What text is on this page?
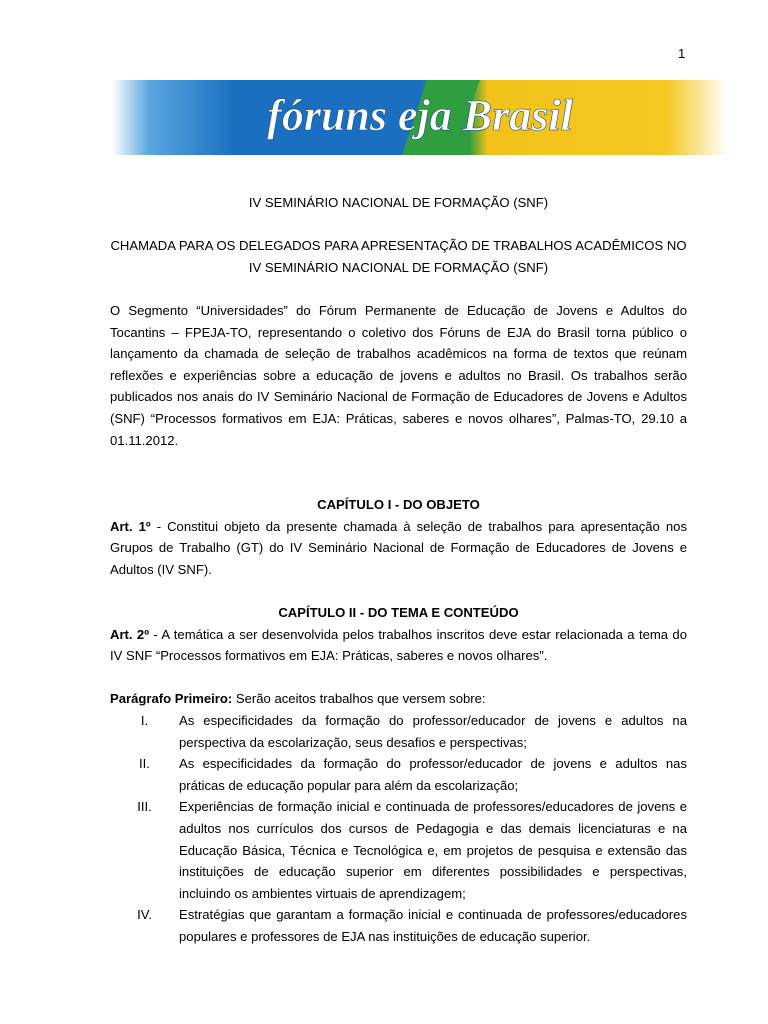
1
fóruns eja Brasil

IV SEMINÁRIO NACIONAL DE FORMAÇÃO (SNF)

CHAMADA PARA OS DELEGADOS PARA APRESENTAÇÃO DE TRABALHOS ACADÊMICOS NO

IV SEMINÁRIO NACIONAL DE FORMAÇÃO (SNF)

O Segmento “Universidades” do Fórum Permanente de Educação de Jovens e Adultos do Tocantins – FPEJA-TO, representando o coletivo dos Fóruns de EJA do Brasil torna público o lançamento da chamada de seleção de trabalhos acadêmicos na forma de textos que reúnam reflexões e experiências sobre a educação de jovens e adultos no Brasil. Os trabalhos serão publicados nos anais do IV Seminário Nacional de Formação de Educadores de Jovens e Adultos (SNF) “Processos formativos em EJA: Práticas, saberes e novos olhares”, Palmas-TO, 29.10 a 01.11.2012.

CAPÍTULO I - DO OBJETO

Art. 1º - Constitui objeto da presente chamada à seleção de trabalhos para apresentação nos Grupos de Trabalho (GT) do IV Seminário Nacional de Formação de Educadores de Jovens e Adultos (IV SNF).

CAPÍTULO II - DO TEMA E CONTEÚDO

Art. 2º - A temática a ser desenvolvida pelos trabalhos inscritos deve estar relacionada a tema do IV SNF “Processos formativos em EJA: Práticas, saberes e novos olhares”.

Parágrafo Primeiro: Serão aceitos trabalhos que versem sobre:

I.	As especificidades da formação do professor/educador de jovens e adultos na perspectiva da escolarização, seus desafios e perspectivas;
II.	As especificidades da formação do professor/educador de jovens e adultos nas práticas de educação popular para além da escolarização;
III.	Experiências de formação inicial e continuada de professores/educadores de jovens e adultos nos currículos dos cursos de Pedagogia e das demais licenciaturas e na Educação Básica, Técnica e Tecnológica e, em projetos de pesquisa e extensão das instituições de educação superior em diferentes possibilidades e perspectivas, incluindo os ambientes virtuais de aprendizagem;
IV.	Estratégias que garantam a formação inicial e continuada de professores/educadores populares e professores de EJA nas instituições de educação superior.
